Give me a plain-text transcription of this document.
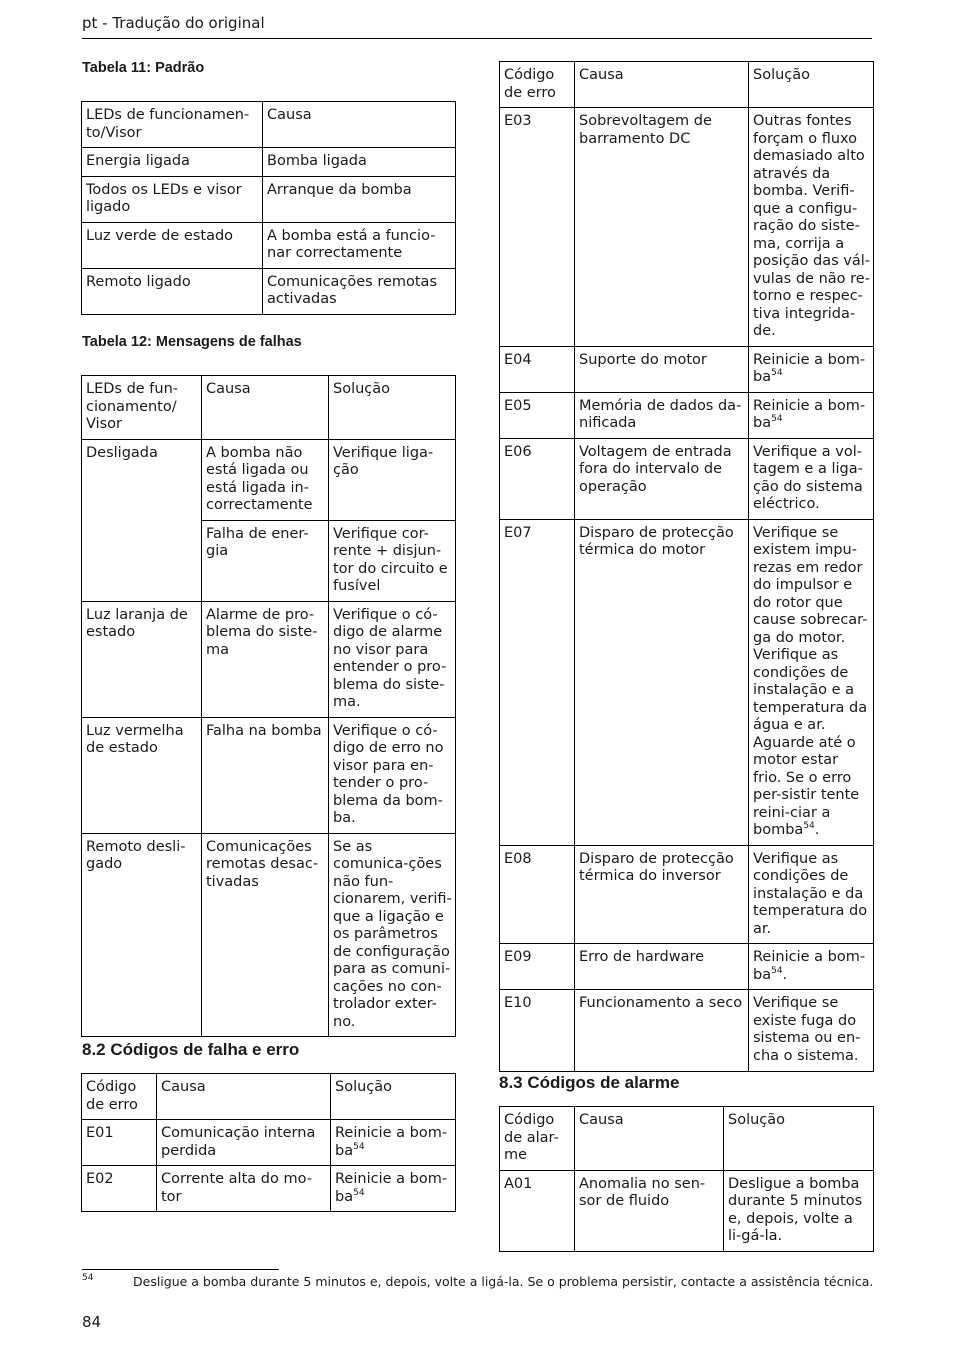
pt - Tradução do original
Tabela 11: Padrão
LEDs de funcionamen-to/Visor	Causa
Energia ligada	Bomba ligada
Todos os LEDs e visor ligado	Arranque da bomba
Luz verde de estado	A bomba está a funcio-nar correctamente
Remoto ligado	Comunicações remotas activadas
Tabela 12: Mensagens de falhas
LEDs de fun-cionamento/ Visor	Causa	Solução
Desligada	A bomba não está ligada ou está ligada in-correctamente	Verifique liga-ção
	Falha de ener-gia	Verifique cor-rente + disjun-tor do circuito e fusível
Luz laranja de estado	Alarme de pro-blema do siste-ma	Verifique o có-digo de alarme no visor para entender o pro-blema do siste-ma.
Luz vermelha de estado	Falha na bomba	Verifique o có-digo de erro no visor para en-tender o pro-blema da bom-ba.
Remoto desli-gado	Comunicações remotas desac-tivadas	Se as comunica-ções não fun-cionarem, verifi-que a ligação e os parâmetros de configuração para as comuni-cações no con-trolador exter-no.
8.2 Códigos de falha e erro
Código de erro	Causa	Solução
E01	Comunicação interna perdida	Reinicie a bom-$ba^{54}$
E02	Corrente alta do mo-tor	Reinicie a bom-$ba^{54}$
Código de erro	Causa	Solução
E03	Sobrevoltagem de barramento DC	Outras fontes forçam o fluxo demasiado alto através da bomba. Verifi-que a configu-ração do siste-ma, corrija a posição das vál-vulas de não re-torno e respec-tiva integrida-de.
E04	Suporte do motor	Reinicie a bom-$ba^{54}$
E05	Memória de dados da-nificada	Reinicie a bom-$ba^{54}$
E06	Voltagem de entrada fora do intervalo de operação	Verifique a vol-tagem e a liga-ção do sistema eléctrico.
E07	Disparo de protecção térmica do motor	Verifique se existem impu-rezas em redor do impulsor e do rotor que cause sobrecar-ga do motor. Verifique as condições de instalação e a temperatura da água e ar. Aguarde até o motor estar frio. Se o erro per-sistir tente reini-ciar a bomba$^{54}$.
E08	Disparo de protecção térmica do inversor	Verifique as condições de instalação e da temperatura do ar.
E09	Erro de hardware	Reinicie a bom-$ba^{54}$.
E10	Funcionamento a seco	Verifique se existe fuga do sistema ou en-cha o sistema.
8.3 Códigos de alarme
Código de alar-me	Causa	Solução
A01	Anomalia no sen-sor de fluido	Desligue a bomba durante 5 minutos e, depois, volte a li-gá-la.
54	Desligue a bomba durante 5 minutos e, depois, volte a ligá-la. Se o problema persistir, contacte a assistência técnica.
84
